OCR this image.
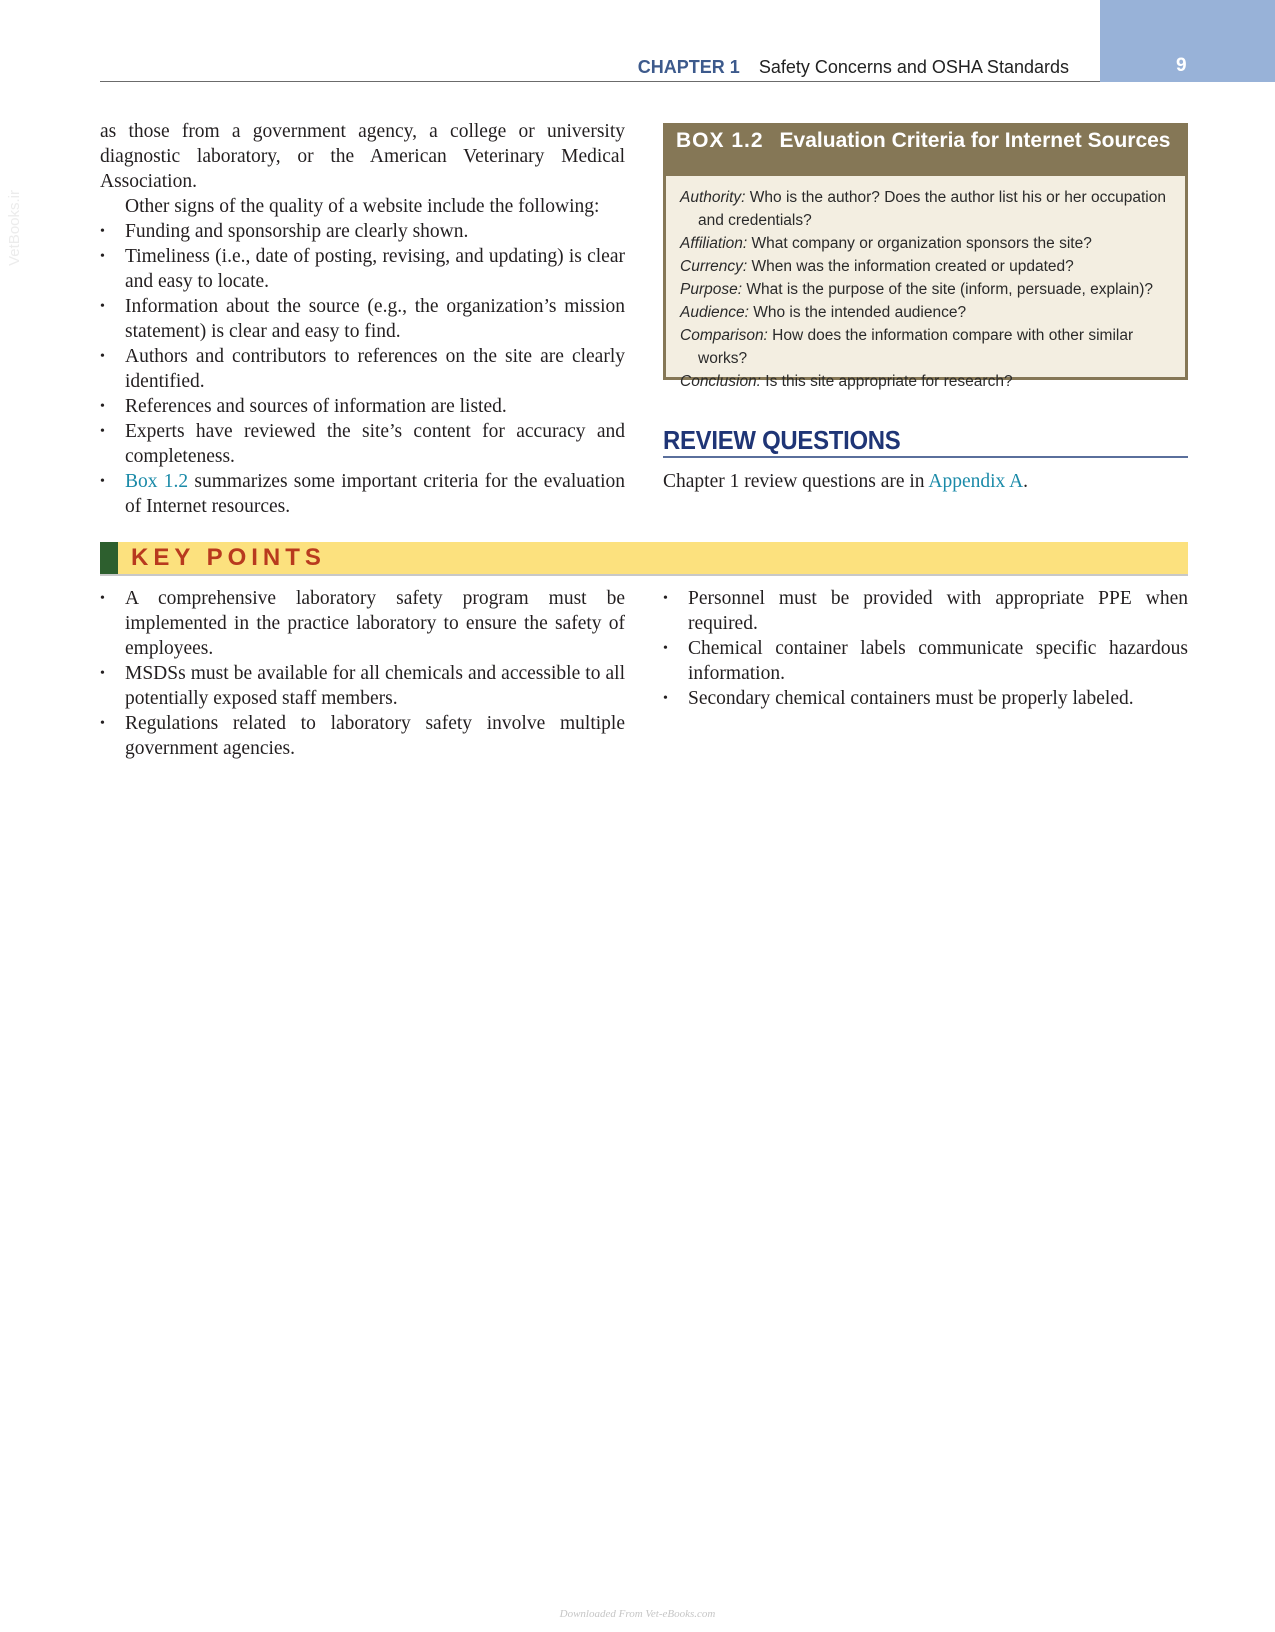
CHAPTER 1 Safety Concerns and OSHA Standards	9
VetBooks.ir

as those from a government agency, a college or university diagnostic laboratory, or the American Veterinary Medical Association.

Other signs of the quality of a website include the following:

• Funding and sponsorship are clearly shown.
• Timeliness (i.e., date of posting, revising, and updating) is clear and easy to locate.
• Information about the source (e.g., the organization’s mission statement) is clear and easy to find.
• Authors and contributors to references on the site are clearly identified.
• References and sources of information are listed.
• Experts have reviewed the site’s content for accuracy and completeness.
• Box 1.2 summarizes some important criteria for the evaluation of Internet resources.
BOX 1.2 Evaluation Criteria for Internet Sources
Authority: Who is the author? Does the author list his or her occupation and credentials?
Affiliation: What company or organization sponsors the site?
Currency: When was the information created or updated?
Purpose: What is the purpose of the site (inform, persuade, explain)?
Audience: Who is the intended audience?
Comparison: How does the information compare with other similar works?
Conclusion: Is this site appropriate for research?
REVIEW QUESTIONS
Chapter 1 review questions are in Appendix A.
KEY POINTS
• A comprehensive laboratory safety program must be implemented in the practice laboratory to ensure the safety of employees.
• MSDSs must be available for all chemicals and accessible to all potentially exposed staff members.
• Regulations related to laboratory safety involve multiple government agencies.
• Personnel must be provided with appropriate PPE when required.
• Chemical container labels communicate specific hazardous information.
• Secondary chemical containers must be properly labeled.
Downloaded From Vet-eBooks.com
